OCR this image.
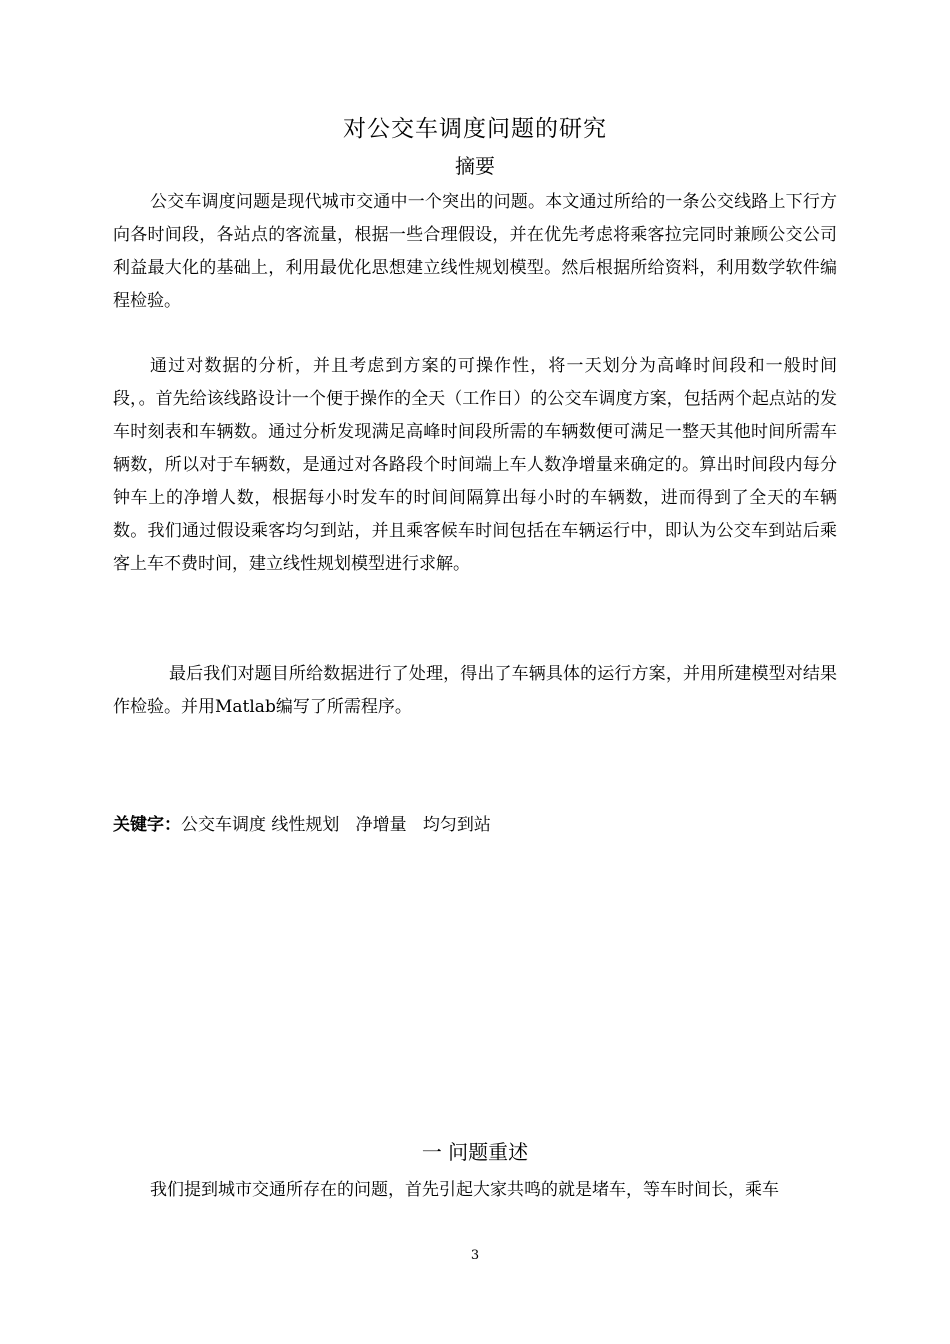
对公交车调度问题的研究
摘要

公交车调度问题是现代城市交通中一个突出的问题。本文通过所给的一条公交线路上下行方向各时间段，各站点的客流量，根据一些合理假设，并在优先考虑将乘客拉完同时兼顾公交公司利益最大化的基础上，利用最优化思想建立线性规划模型。然后根据所给资料，利用数学软件编程检验。

通过对数据的分析，并且考虑到方案的可操作性，将一天划分为高峰时间段和一般时间段，。首先给该线路设计一个便于操作的全天（工作日）的公交车调度方案，包括两个起点站的发车时刻表和车辆数。通过分析发现满足高峰时间段所需的车辆数便可满足一整天其他时间所需车辆数，所以对于车辆数，是通过对各路段个时间端上车人数净增量来确定的。算出时间段内每分钟车上的净增人数，根据每小时发车的时间间隔算出每小时的车辆数，进而得到了全天的车辆数。我们通过假设乘客均匀到站，并且乘客候车时间包括在车辆运行中，即认为公交车到站后乘客上车不费时间，建立线性规划模型进行求解。

最后我们对题目所给数据进行了处理，得出了车辆具体的运行方案，并用所建模型对结果作检验。并用Matlab编写了所需程序。

关键字：公交车调度 线性规划   净增量   均匀到站
一 问题重述

我们提到城市交通所存在的问题，首先引起大家共鸣的就是堵车，等车时间长，乘车

3
